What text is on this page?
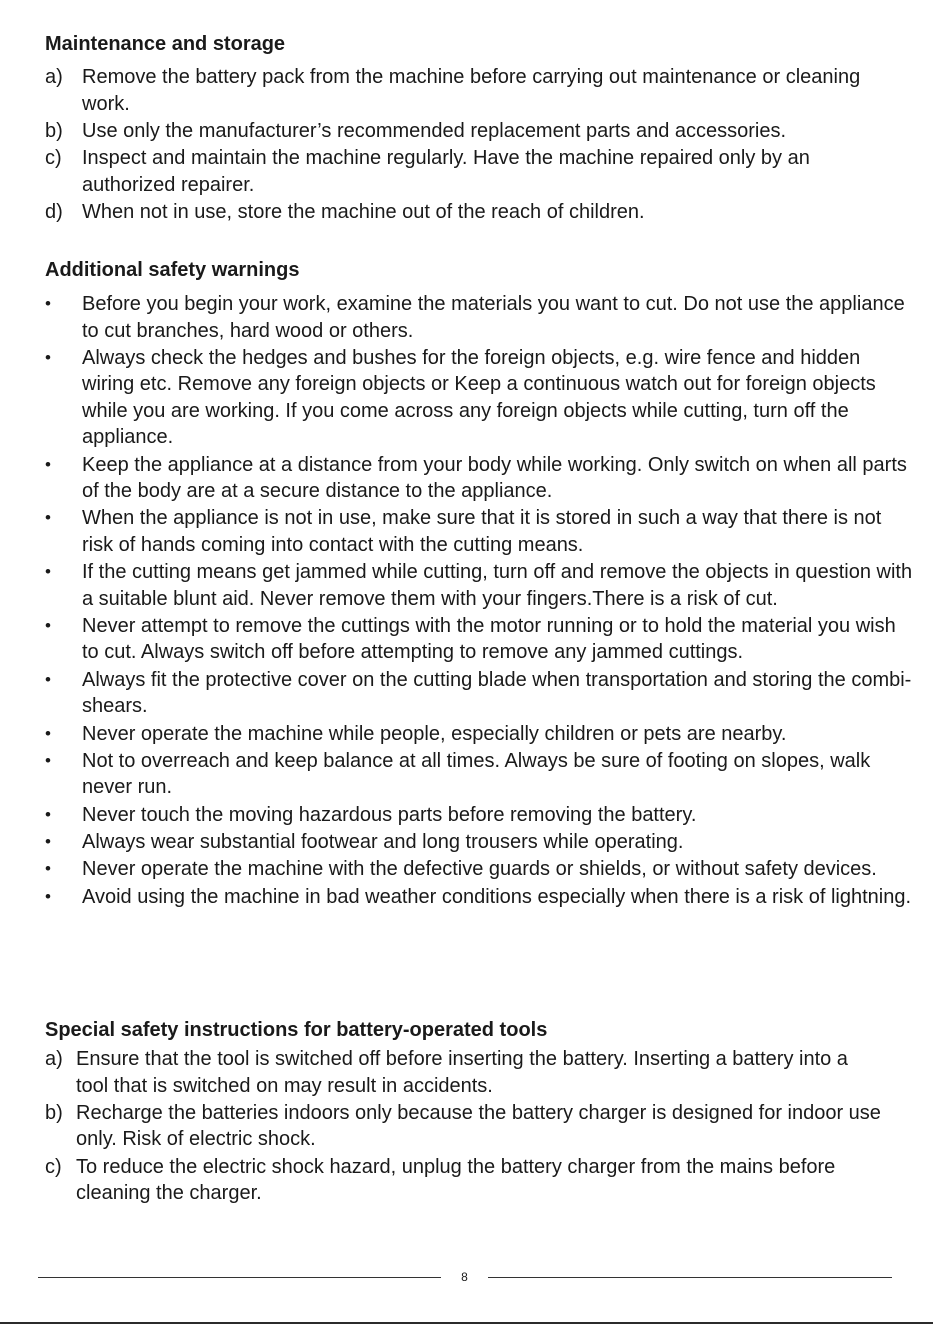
Maintenance and storage
a) Remove the battery pack from the machine before carrying out maintenance or cleaning work.
b) Use only the manufacturer’s recommended replacement parts and accessories.
c) Inspect and maintain the machine regularly. Have the machine repaired only by an authorized repairer.
d) When not in use, store the machine out of the reach of children.
Additional safety warnings
• Before you begin your work, examine the materials you want to cut. Do not use the appliance to cut branches, hard wood or others.
• Always check the hedges and bushes for the foreign objects, e.g. wire fence and hidden wiring etc. Remove any foreign objects or Keep a continuous watch out for foreign objects while you are working. If you come across any foreign objects while cutting, turn off the appliance.
• Keep the appliance at a distance from your body while working. Only switch on when all parts of the body are at a secure distance to the appliance.
• When the appliance is not in use, make sure that it is stored in such a way that there is not risk of hands coming into contact with the cutting means.
• If the cutting means get jammed while cutting, turn off and remove the objects in question with a suitable blunt aid. Never remove them with your fingers.There is a risk of cut.
• Never attempt to remove the cuttings with the motor running or to hold the material you wish to cut. Always switch off before attempting to remove any jammed cuttings.
• Always fit the protective cover on the cutting blade when transportation and storing the combi-shears.
• Never operate the machine while people, especially children or pets are nearby.
• Not to overreach and keep balance at all times. Always be sure of footing on slopes, walk never run.
• Never touch the moving hazardous parts before removing the battery.
• Always wear substantial footwear and long trousers while operating.
• Never operate the machine with the defective guards or shields, or without safety devices.
• Avoid using the machine in bad weather conditions especially when there is a risk of lightning.
Special safety instructions for battery-operated tools
a) Ensure that the tool is switched off before inserting the battery. Inserting a battery into a tool that is switched on may result in accidents.
b) Recharge the batteries indoors only because the battery charger is designed for indoor use only. Risk of electric shock.
c) To reduce the electric shock hazard, unplug the battery charger from the mains before cleaning the charger.
8
